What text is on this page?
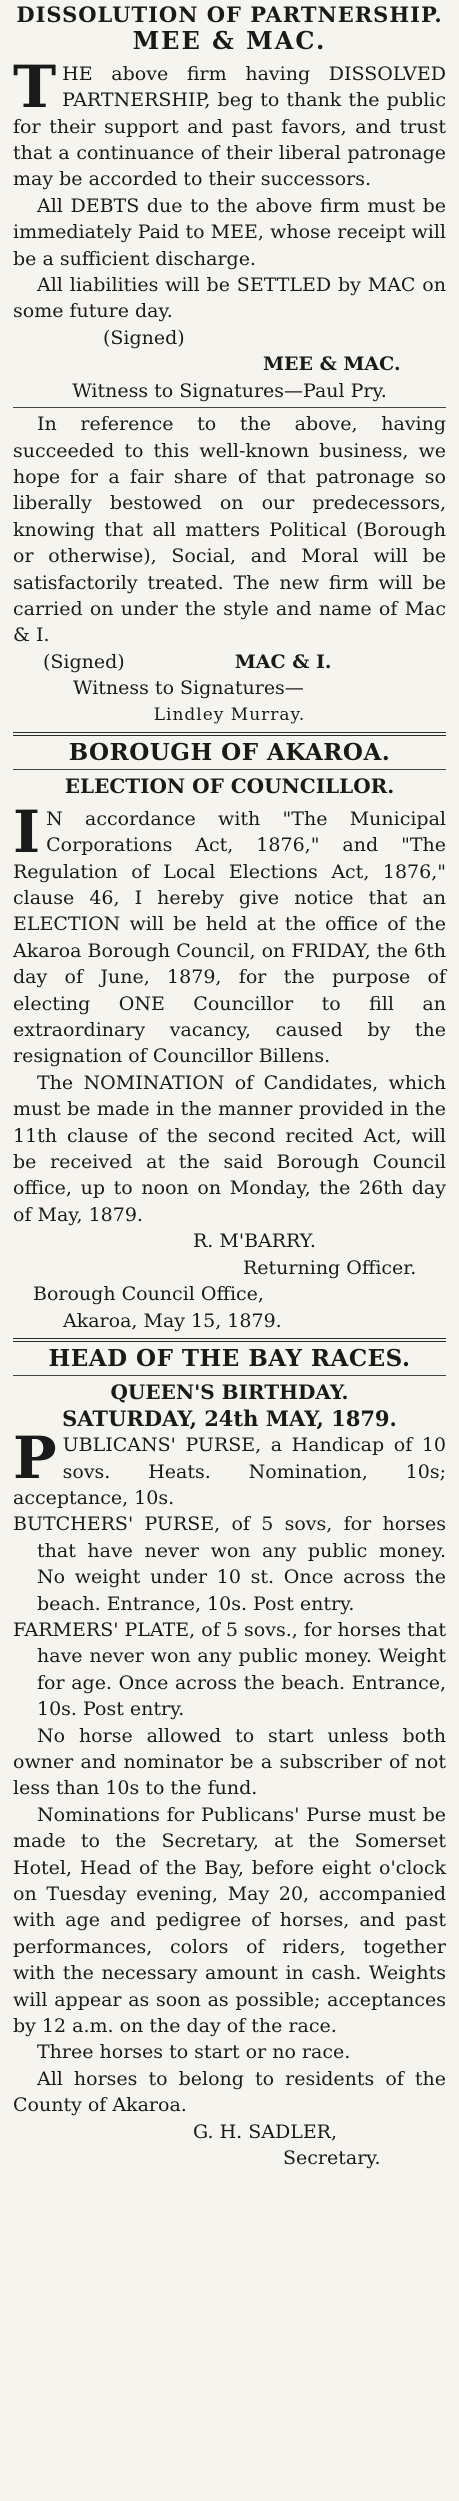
DISSOLUTION OF PARTNERSHIP.

MEE & MAC.

THE above firm having DISSOLVED PARTNERSHIP, beg to thank the public for their support and past favors, and trust that a continuance of their liberal patronage may be accorded to their successors.

All DEBTS due to the above firm must be immediately Paid to MEE, whose receipt will be a sufficient discharge.

All liabilities will be SETTLED by MAC on some future day.

(Signed)

MEE & MAC.

Witness to Signatures—Paul Pry.

In reference to the above, having succeeded to this well-known business, we hope for a fair share of that patronage so liberally bestowed on our predecessors, knowing that all matters Political (Borough or otherwise), Social, and Moral will be satisfactorily treated. The new firm will be carried on under the style and name of Mac & I.

(Signed)	MAC & I.

Witness to Signatures—

Lindley Murray.

BOROUGH OF AKAROA.

ELECTION OF COUNCILLOR.

I N accordance with "The Municipal Corporations Act, 1876," and "The Regulation of Local Elections Act, 1876," clause 46, I hereby give notice that an ELECTION will be held at the office of the Akaroa Borough Council, on FRIDAY, the 6th day of June, 1879, for the purpose of electing ONE Councillor to fill an extraordinary vacancy, caused by the resignation of Councillor Billens.

The NOMINATION of Candidates, which must be made in the manner provided in the 11th clause of the second recited Act, will be received at the said Borough Council office, up to noon on Monday, the 26th day of May, 1879.

R. M'BARRY.

Returning Officer.

Borough Council Office,

Akaroa, May 15, 1879.

HEAD OF THE BAY RACES.

QUEEN'S BIRTHDAY.

SATURDAY, 24th MAY, 1879.

PUBLICANS' PURSE, a Handicap of 10 sovs. Heats. Nomination, 10s; acceptance, 10s.

BUTCHERS' PURSE, of 5 sovs, for horses that have never won any public money. No weight under 10 st. Once across the beach. Entrance, 10s. Post entry.

FARMERS' PLATE, of 5 sovs., for horses that have never won any public money. Weight for age. Once across the beach. Entrance, 10s. Post entry.

No horse allowed to start unless both owner and nominator be a subscriber of not less than 10s to the fund.

Nominations for Publicans' Purse must be made to the Secretary, at the Somerset Hotel, Head of the Bay, before eight o'clock on Tuesday evening, May 20, accompanied with age and pedigree of horses, and past performances, colors of riders, together with the necessary amount in cash. Weights will appear as soon as possible; acceptances by 12 a.m. on the day of the race.

Three horses to start or no race.

All horses to belong to residents of the County of Akaroa.

G. H. SADLER,

Secretary.
